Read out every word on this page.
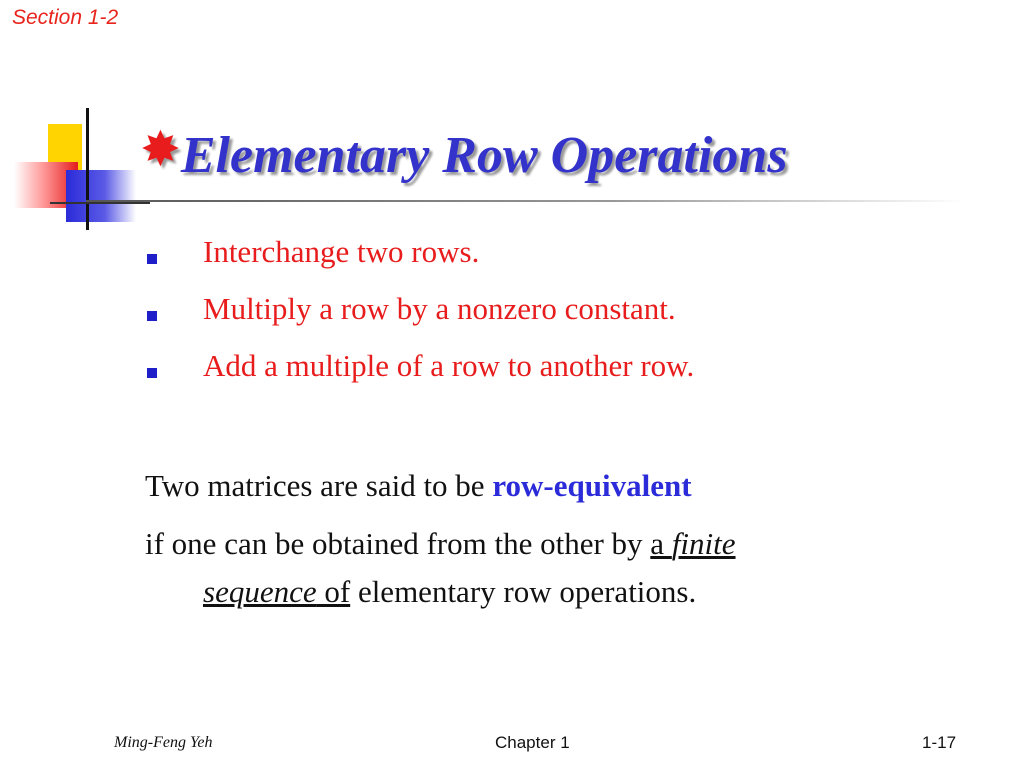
Section 1-2
✸Elementary Row Operations
Interchange two rows.
Multiply a row by a nonzero constant.
Add a multiple of a row to another row.
Two matrices are said to be row-equivalent
if one can be obtained from the other by a finite
sequence of elementary row operations.
Ming-Feng Yeh	Chapter 1	1-17
